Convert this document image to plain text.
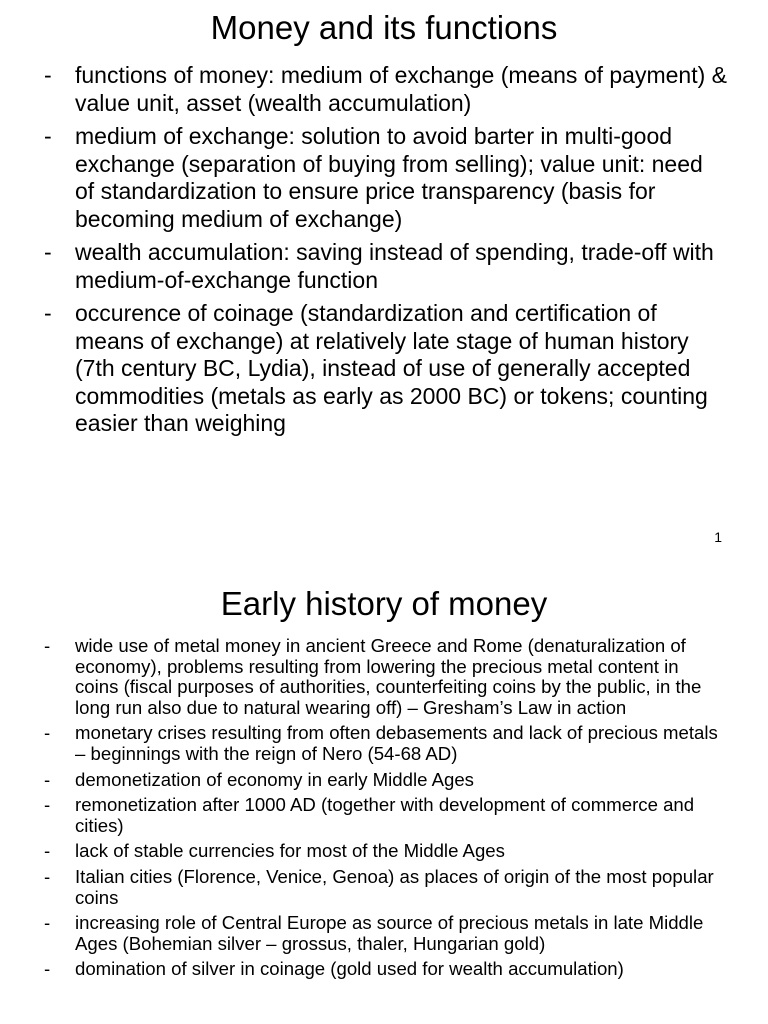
Money and its functions
- functions of money: medium of exchange (means of payment) & value unit, asset (wealth accumulation)
- medium of exchange: solution to avoid barter in multi-good exchange (separation of buying from selling); value unit: need of standardization to ensure price transparency (basis for becoming medium of exchange)
- wealth accumulation: saving instead of spending, trade-off with medium-of-exchange function
- occurence of coinage (standardization and certification of means of exchange) at relatively late stage of human history (7th century BC, Lydia), instead of use of generally accepted commodities (metals as early as 2000 BC) or tokens; counting easier than weighing
1
Early history of money
- wide use of metal money in ancient Greece and Rome (denaturalization of economy), problems resulting from lowering the precious metal content in coins (fiscal purposes of authorities, counterfeiting coins by the public, in the long run also due to natural wearing off) – Gresham’s Law in action
- monetary crises resulting from often debasements and lack of precious metals – beginnings with the reign of Nero (54-68 AD)
- demonetization of economy in early Middle Ages
- remonetization after 1000 AD (together with development of commerce and cities)
- lack of stable currencies for most of the Middle Ages
- Italian cities (Florence, Venice, Genoa) as places of origin of the most popular coins
- increasing role of Central Europe as source of precious metals in late Middle Ages (Bohemian silver – grossus, thaler, Hungarian gold)
- domination of silver in coinage (gold used for wealth accumulation)
